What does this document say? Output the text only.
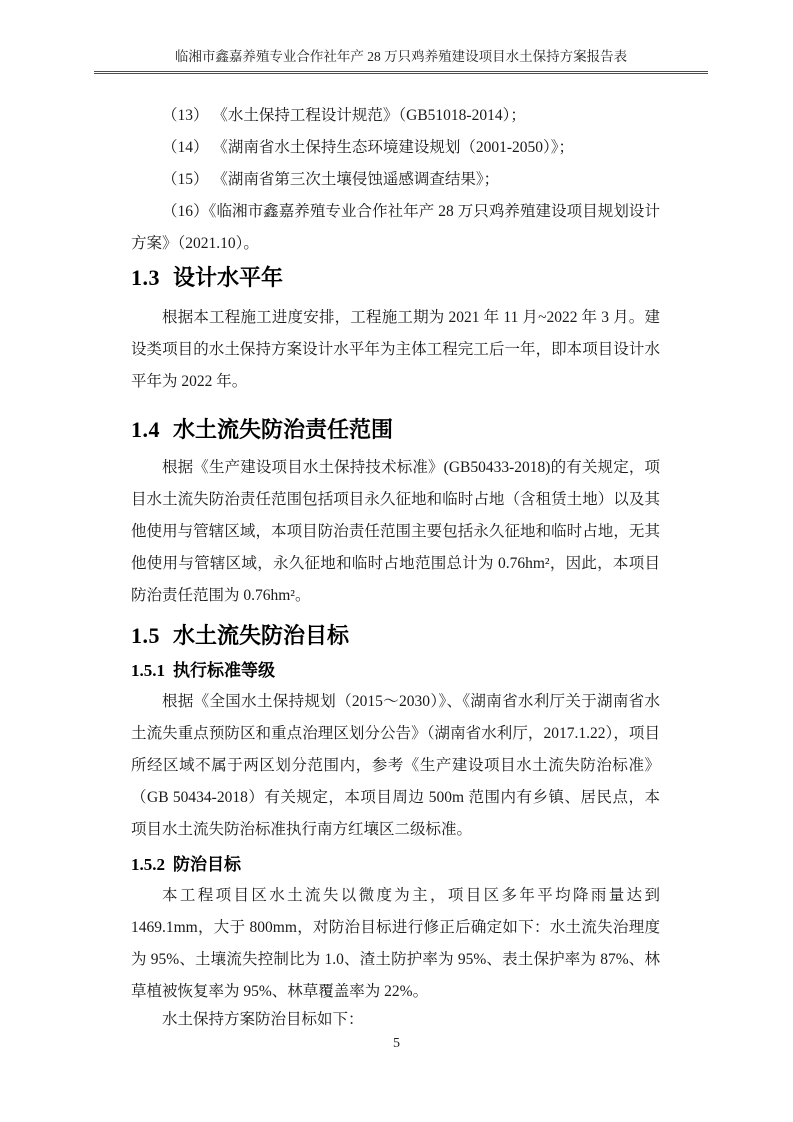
临湘市鑫嘉养殖专业合作社年产 28 万只鸡养殖建设项目水土保持方案报告表

（13） 《水土保持工程设计规范》（GB51018-2014）；

（14） 《湖南省水土保持生态环境建设规划（2001-2050）》；

（15） 《湖南省第三次土壤侵蚀遥感调查结果》；

（16）《临湘市鑫嘉养殖专业合作社年产 28 万只鸡养殖建设项目规划设计方案》（2021.10）。

1.3 设计水平年

根据本工程施工进度安排，工程施工期为 2021 年 11 月~2022 年 3 月。建设类项目的水土保持方案设计水平年为主体工程完工后一年，即本项目设计水平年为 2022 年。

1.4 水土流失防治责任范围

根据《生产建设项目水土保持技术标准》(GB50433-2018)的有关规定，项目水土流失防治责任范围包括项目永久征地和临时占地（含租赁土地）以及其他使用与管辖区域，本项目防治责任范围主要包括永久征地和临时占地，无其他使用与管辖区域，永久征地和临时占地范围总计为 0.76hm²，因此，本项目防治责任范围为 0.76hm²。

1.5 水土流失防治目标
1.5.1 执行标准等级

根据《全国水土保持规划（2015～2030）》、《湖南省水利厅关于湖南省水土流失重点预防区和重点治理区划分公告》（湖南省水利厅，2017.1.22），项目所经区域不属于两区划分范围内，参考《生产建设项目水土流失防治标准》（GB 50434-2018）有关规定，本项目周边 500m 范围内有乡镇、居民点，本项目水土流失防治标准执行南方红壤区二级标准。

1.5.2 防治目标

本工程项目区水土流失以微度为主，项目区多年平均降雨量达到 1469.1mm，大于 800mm，对防治目标进行修正后确定如下：水土流失治理度为 95%、土壤流失控制比为 1.0、渣土防护率为 95%、表土保护率为 87%、林草植被恢复率为 95%、林草覆盖率为 22%。

水土保持方案防治目标如下：

5
